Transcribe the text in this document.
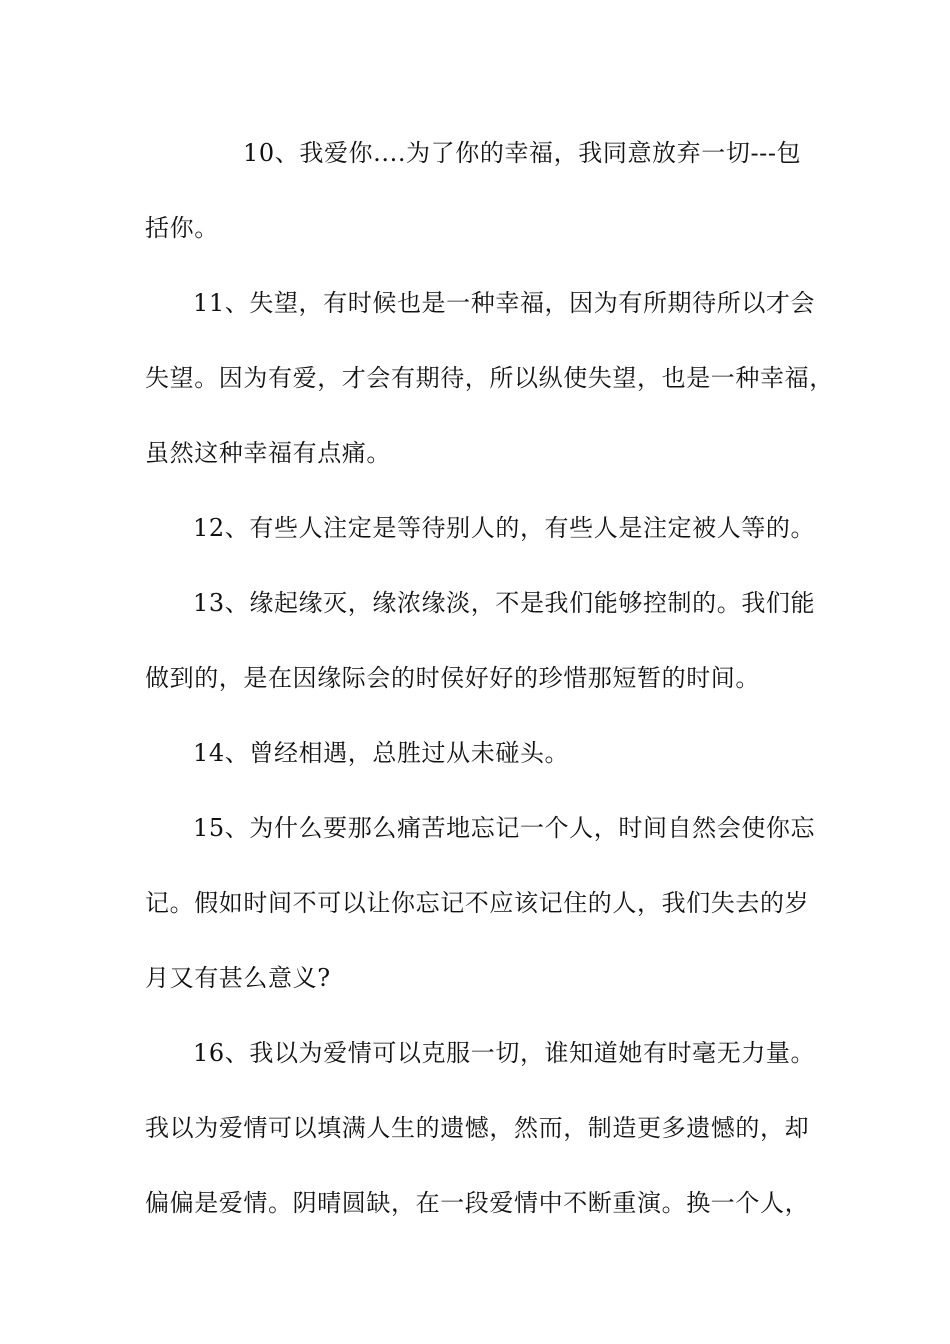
10、我爱你....为了你的幸福，我同意放弃一切---包

括你。

11、失望，有时候也是一种幸福，因为有所期待所以才会

失望。因为有爱，才会有期待，所以纵使失望，也是一种幸福，

虽然这种幸福有点痛。

12、有些人注定是等待别人的，有些人是注定被人等的。

13、缘起缘灭，缘浓缘淡，不是我们能够控制的。我们能

做到的，是在因缘际会的时侯好好的珍惜那短暂的时间。

14、曾经相遇，总胜过从未碰头。

15、为什么要那么痛苦地忘记一个人，时间自然会使你忘

记。假如时间不可以让你忘记不应该记住的人，我们失去的岁

月又有甚么意义?

16、我以为爱情可以克服一切，谁知道她有时毫无力量。

我以为爱情可以填满人生的遗憾，然而，制造更多遗憾的，却

偏偏是爱情。阴晴圆缺，在一段爱情中不断重演。换一个人，
